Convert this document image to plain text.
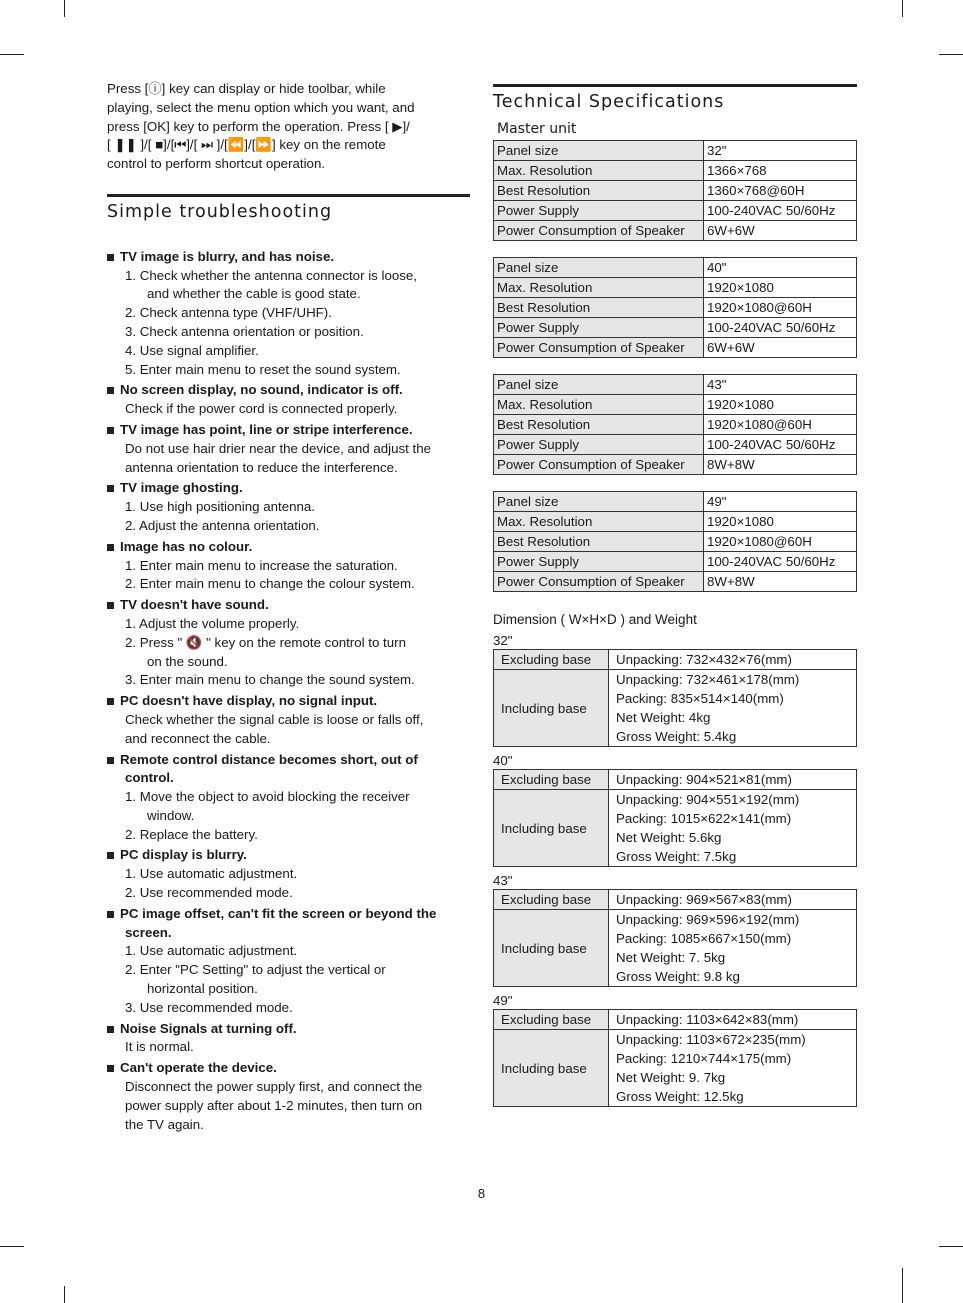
Press [ⓘ] key can display or hide toolbar, while

playing, select the menu option which you want, and

press [OK] key to perform the operation. Press [ ▶]/

[ ❚❚ ]/[ ■]/[⏮]/[ ⏭ ]/[⏪]/[⏩] key on the remote

control to perform shortcut operation.

Simple troubleshooting
TV image is blurry, and has noise.
1. Check whether the antenna connector is loose,
and whether the cable is good state.
2. Check antenna type (VHF/UHF).
3. Check antenna orientation or position.
4. Use signal amplifier.
5. Enter main menu to reset the sound system.
No screen display, no sound, indicator is off.
Check if the power cord is connected properly.
TV image has point, line or stripe interference.
Do not use hair drier near the device, and adjust the
antenna orientation to reduce the interference.
TV image ghosting.
1. Use high positioning antenna.
2. Adjust the antenna orientation.
Image has no colour.
1. Enter main menu to increase the saturation.
2. Enter main menu to change the colour system.
TV doesn't have sound.
1. Adjust the volume properly.
2. Press " 🔇 " key on the remote control to turn
on the sound.
3. Enter main menu to change the sound system.
PC doesn't have display, no signal input.
Check whether the signal cable is loose or falls off,
and reconnect the cable.
Remote control distance becomes short, out of
control.
1. Move the object to avoid blocking the receiver
window.
2. Replace the battery.
PC display is blurry.
1. Use automatic adjustment.
2. Use recommended mode.
PC image offset, can't fit the screen or beyond the
screen.
1. Use automatic adjustment.
2. Enter "PC Setting" to adjust the vertical or
horizontal position.
3. Use recommended mode.
Noise Signals at turning off.
It is normal.
Can't operate the device.
Disconnect the power supply first, and connect the
power supply after about 1-2 minutes, then turn on
the TV again.
Technical Specifications
Master unit
Panel size	32"
Max. Resolution	1366×768
Best Resolution	1360×768@60H
Power Supply	100-240VAC 50/60Hz
Power Consumption of Speaker	6W+6W
Panel size	40"
Max. Resolution	1920×1080
Best Resolution	1920×1080@60H
Power Supply	100-240VAC 50/60Hz
Power Consumption of Speaker	6W+6W
Panel size	43"
Max. Resolution	1920×1080
Best Resolution	1920×1080@60H
Power Supply	100-240VAC 50/60Hz
Power Consumption of Speaker	8W+8W
Panel size	49"
Max. Resolution	1920×1080
Best Resolution	1920×1080@60H
Power Supply	100-240VAC 50/60Hz
Power Consumption of Speaker	8W+8W
Dimension ( W×H×D ) and Weight
32"
Excluding base	Unpacking: 732×432×76(mm)
Including base	Unpacking: 732×461×178(mm)
Packing: 835×514×140(mm)
Net Weight: 4kg
Gross Weight: 5.4kg
40"
Excluding base	Unpacking: 904×521×81(mm)
Including base	Unpacking: 904×551×192(mm)
Packing: 1015×622×141(mm)
Net Weight: 5.6kg
Gross Weight: 7.5kg
43"
Excluding base	Unpacking: 969×567×83(mm)
Including base	Unpacking: 969×596×192(mm)
Packing: 1085×667×150(mm)
Net Weight: 7. 5kg
Gross Weight: 9.8 kg
49"
Excluding base	Unpacking: 1103×642×83(mm)
Including base	Unpacking: 1103×672×235(mm)
Packing: 1210×744×175(mm)
Net Weight: 9. 7kg
Gross Weight: 12.5kg
8
